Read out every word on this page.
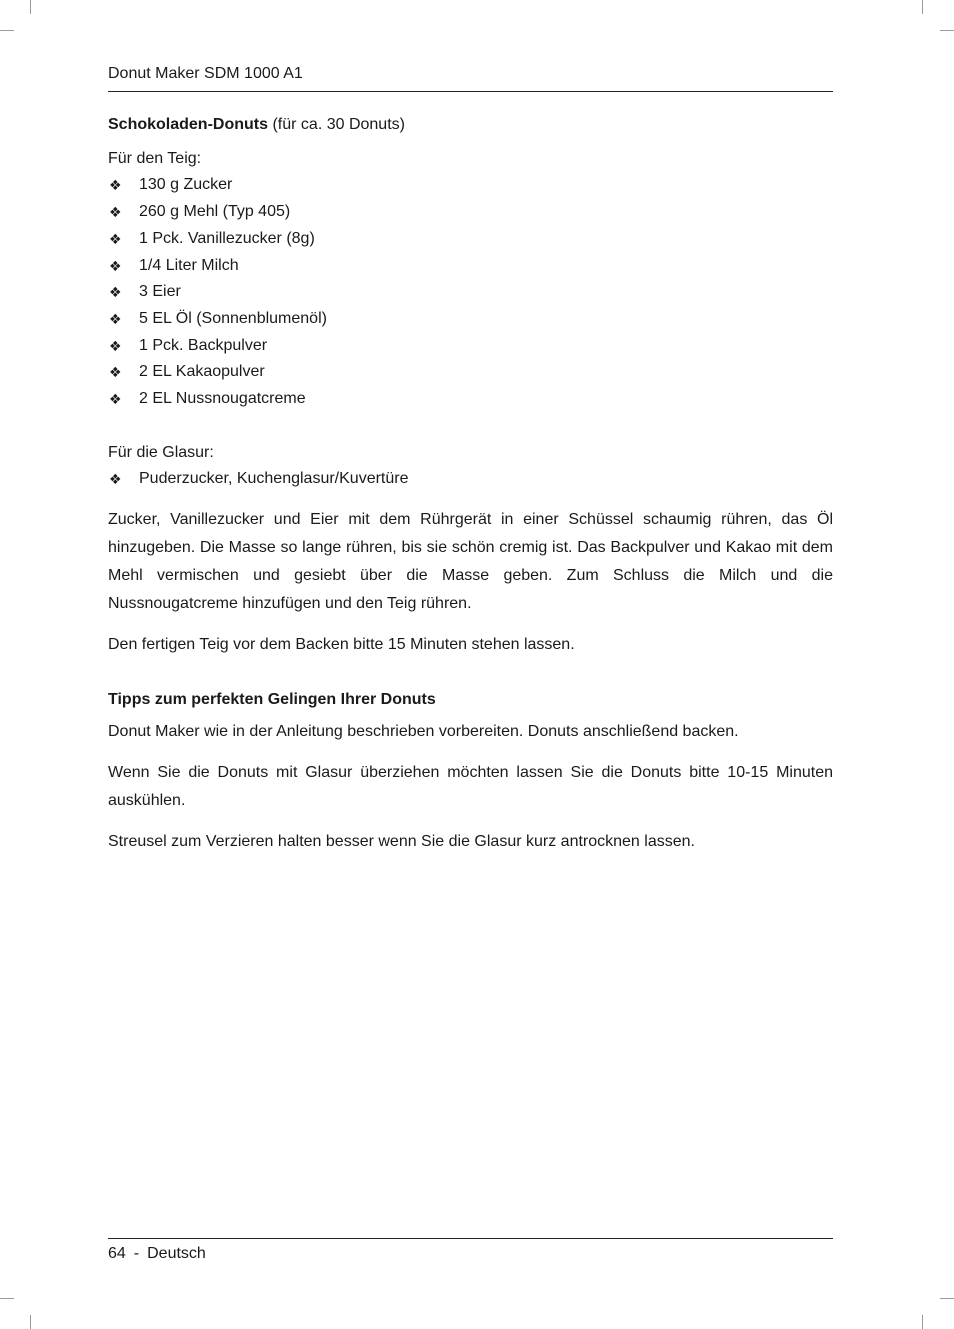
Donut Maker SDM 1000 A1
Schokoladen-Donuts (für ca. 30 Donuts)
Für den Teig:
❖ 130 g Zucker
❖ 260 g Mehl (Typ 405)
❖ 1 Pck. Vanillezucker (8g)
❖ 1/4 Liter Milch
❖ 3 Eier
❖ 5 EL Öl (Sonnenblumenöl)
❖ 1 Pck. Backpulver
❖ 2 EL Kakaopulver
❖ 2 EL Nussnougatcreme
Für die Glasur:
❖ Puderzucker, Kuchenglasur/Kuvertüre

Zucker, Vanillezucker und Eier mit dem Rührgerät in einer Schüssel schaumig rühren, das Öl hinzugeben. Die Masse so lange rühren, bis sie schön cremig ist. Das Backpulver und Kakao mit dem Mehl vermischen und gesiebt über die Masse geben. Zum Schluss die Milch und die Nussnougatcreme hinzufügen und den Teig rühren.

Den fertigen Teig vor dem Backen bitte 15 Minuten stehen lassen.

Tipps zum perfekten Gelingen Ihrer Donuts

Donut Maker wie in der Anleitung beschrieben vorbereiten. Donuts anschließend backen.

Wenn Sie die Donuts mit Glasur überziehen möchten lassen Sie die Donuts bitte 10-15 Minuten auskühlen.

Streusel zum Verzieren halten besser wenn Sie die Glasur kurz antrocknen lassen.

64 - Deutsch
